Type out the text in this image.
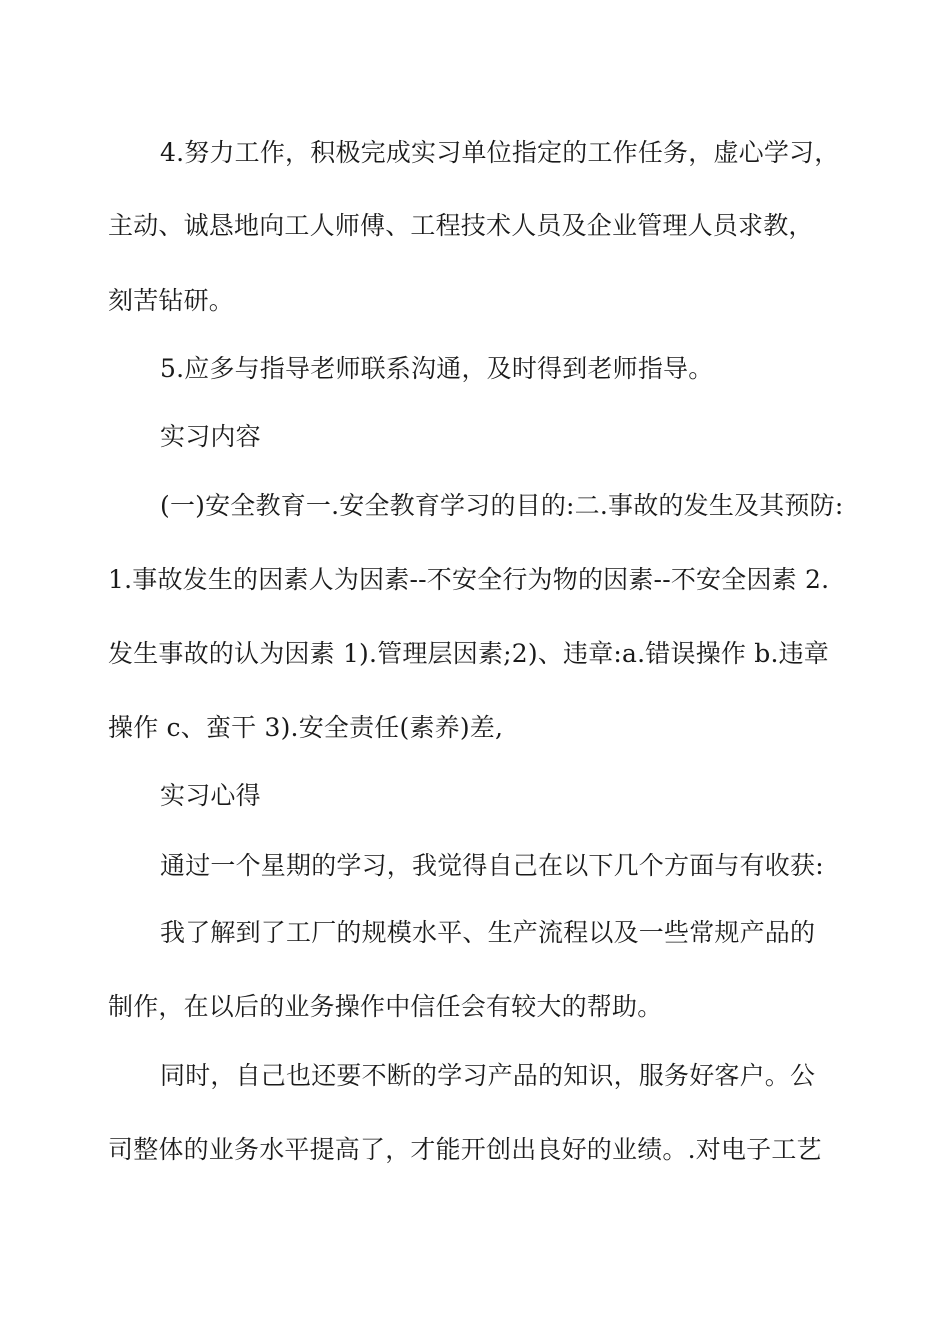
4.努力工作，积极完成实习单位指定的工作任务，虚心学习，
主动、诚恳地向工人师傅、工程技术人员及企业管理人员求教，
刻苦钻研。
5.应多与指导老师联系沟通，及时得到老师指导。
实习内容
(一)安全教育一.安全教育学习的目的:二.事故的发生及其预防:
1.事故发生的因素人为因素--不安全行为物的因素--不安全因素 2.
发生事故的认为因素 1).管理层因素;2)、违章:a.错误操作 b.违章
操作 c、蛮干 3).安全责任(素养)差,
实习心得
通过一个星期的学习，我觉得自己在以下几个方面与有收获:
我了解到了工厂的规模水平、生产流程以及一些常规产品的
制作，在以后的业务操作中信任会有较大的帮助。
同时，自己也还要不断的学习产品的知识，服务好客户。公
司整体的业务水平提高了，才能开创出良好的业绩。.对电子工艺
